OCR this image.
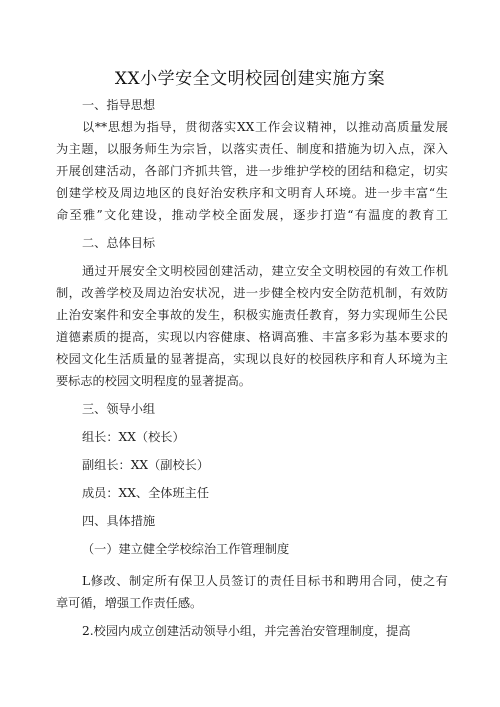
XX小学安全文明校园创建实施方案
一、指导思想
以**思想为指导，贯彻落实XX工作会议精神，以推动高质量发展
为主题，以服务师生为宗旨，以落实责任、制度和措施为切入点，深入
开展创建活动，各部门齐抓共管，进一步维护学校的团结和稳定，切实
创建学校及周边地区的良好治安秩序和文明育人环境。进一步丰富“生
命至雅”文化建设，推动学校全面发展，逐步打造“有温度的教育工
二、总体目标
通过开展安全文明校园创建活动，建立安全文明校园的有效工作机
制，改善学校及周边治安状况，进一步健全校内安全防范机制，有效防
止治安案件和安全事故的发生，积极实施责任教育，努力实现师生公民
道德素质的提高，实现以内容健康、格调高雅、丰富多彩为基本要求的
校园文化生活质量的显著提高，实现以良好的校园秩序和育人环境为主
要标志的校园文明程度的显著提高。
三、领导小组
组长：XX（校长）
副组长：XX（副校长）
成员：XX、全体班主任
四、具体措施
（一）建立健全学校综治工作管理制度
L修改、制定所有保卫人员签订的责任目标书和聘用合同，使之有
章可循，增强工作责任感。
2.校园内成立创建活动领导小组，并完善治安管理制度，提高
